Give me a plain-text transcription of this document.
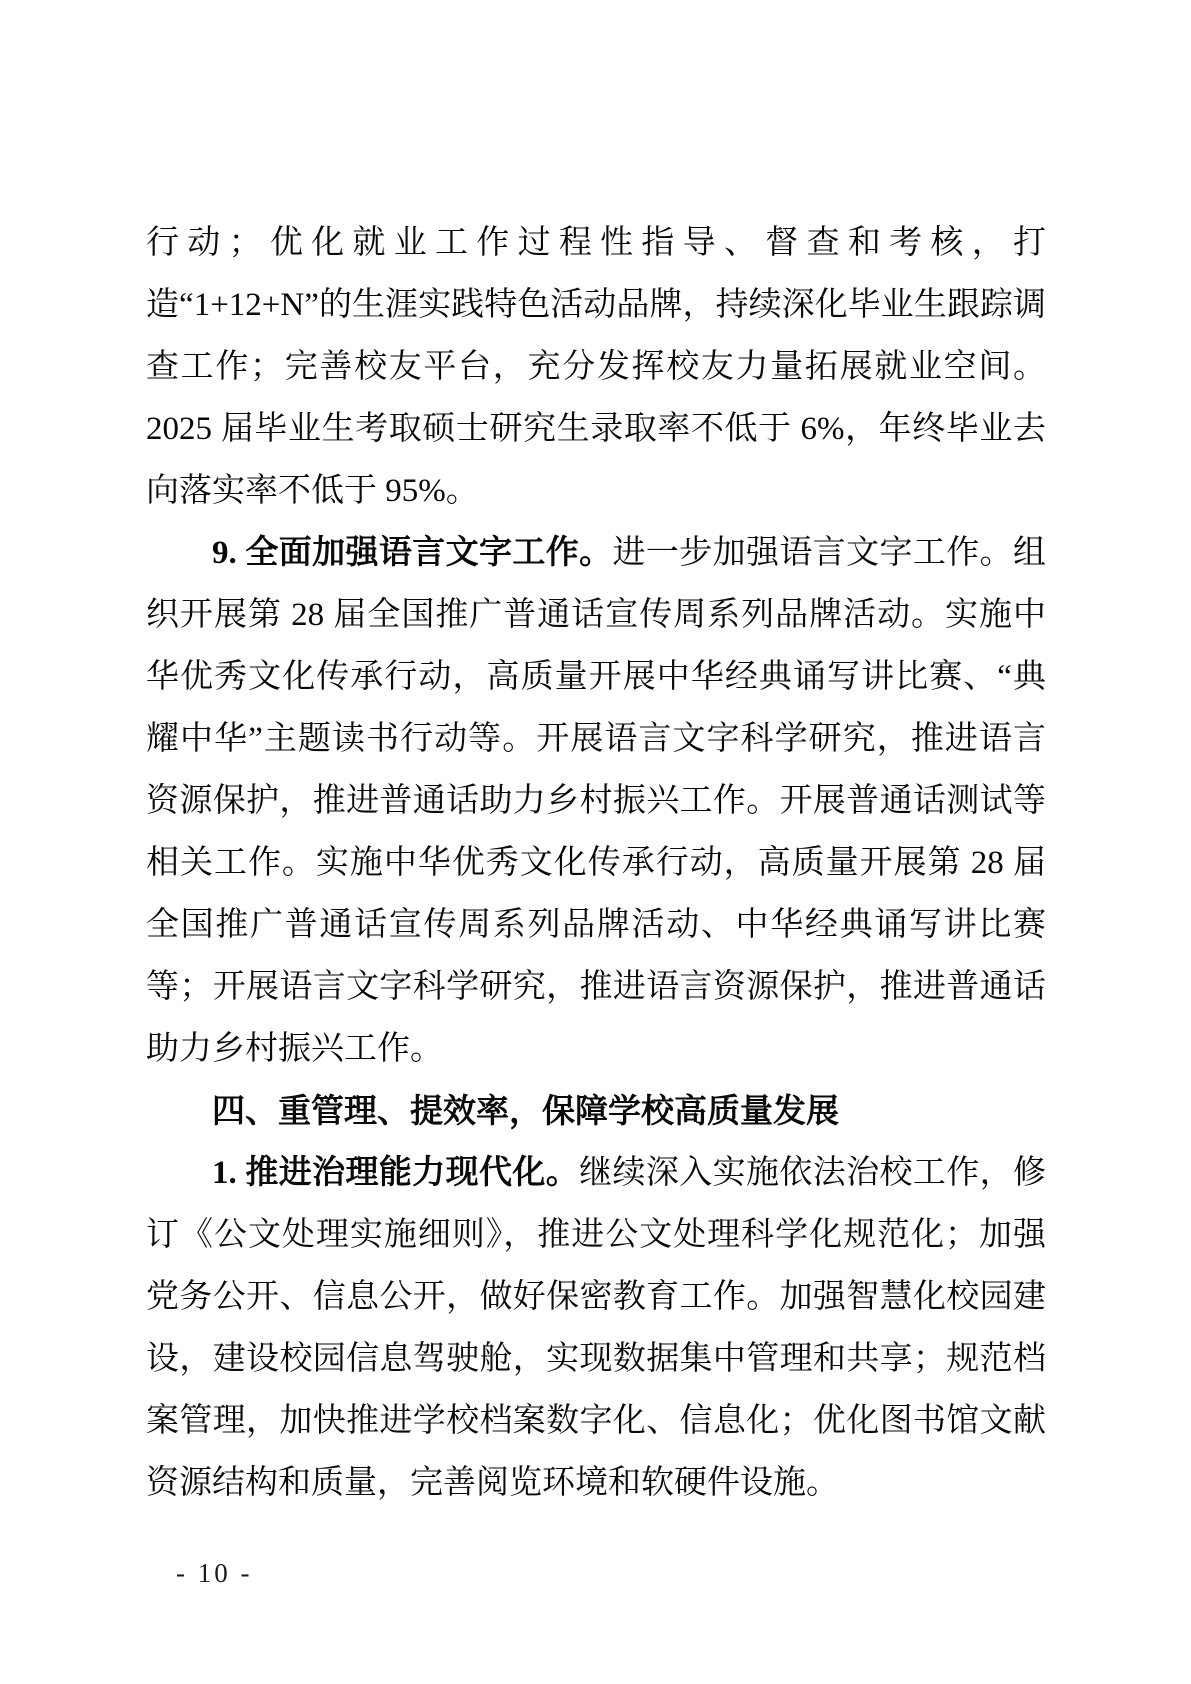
行动；优化就业工作过程性指导、督查和考核，打造“1+12+N”的生涯实践特色活动品牌，持续深化毕业生跟踪调查工作；完善校友平台，充分发挥校友力量拓展就业空间。2025 届毕业生考取硕士研究生录取率不低于 6%，年终毕业去向落实率不低于 95%。

9. 全面加强语言文字工作。进一步加强语言文字工作。组织开展第 28 届全国推广普通话宣传周系列品牌活动。实施中华优秀文化传承行动，高质量开展中华经典诵写讲比赛、“典耀中华”主题读书行动等。开展语言文字科学研究，推进语言资源保护，推进普通话助力乡村振兴工作。开展普通话测试等相关工作。实施中华优秀文化传承行动，高质量开展第 28 届全国推广普通话宣传周系列品牌活动、中华经典诵写讲比赛等；开展语言文字科学研究，推进语言资源保护，推进普通话助力乡村振兴工作。

四、重管理、提效率，保障学校高质量发展

1. 推进治理能力现代化。继续深入实施依法治校工作，修订《公文处理实施细则》，推进公文处理科学化规范化；加强党务公开、信息公开，做好保密教育工作。加强智慧化校园建设，建设校园信息驾驶舱，实现数据集中管理和共享；规范档案管理，加快推进学校档案数字化、信息化；优化图书馆文献资源结构和质量，完善阅览环境和软硬件设施。

- 10 -
